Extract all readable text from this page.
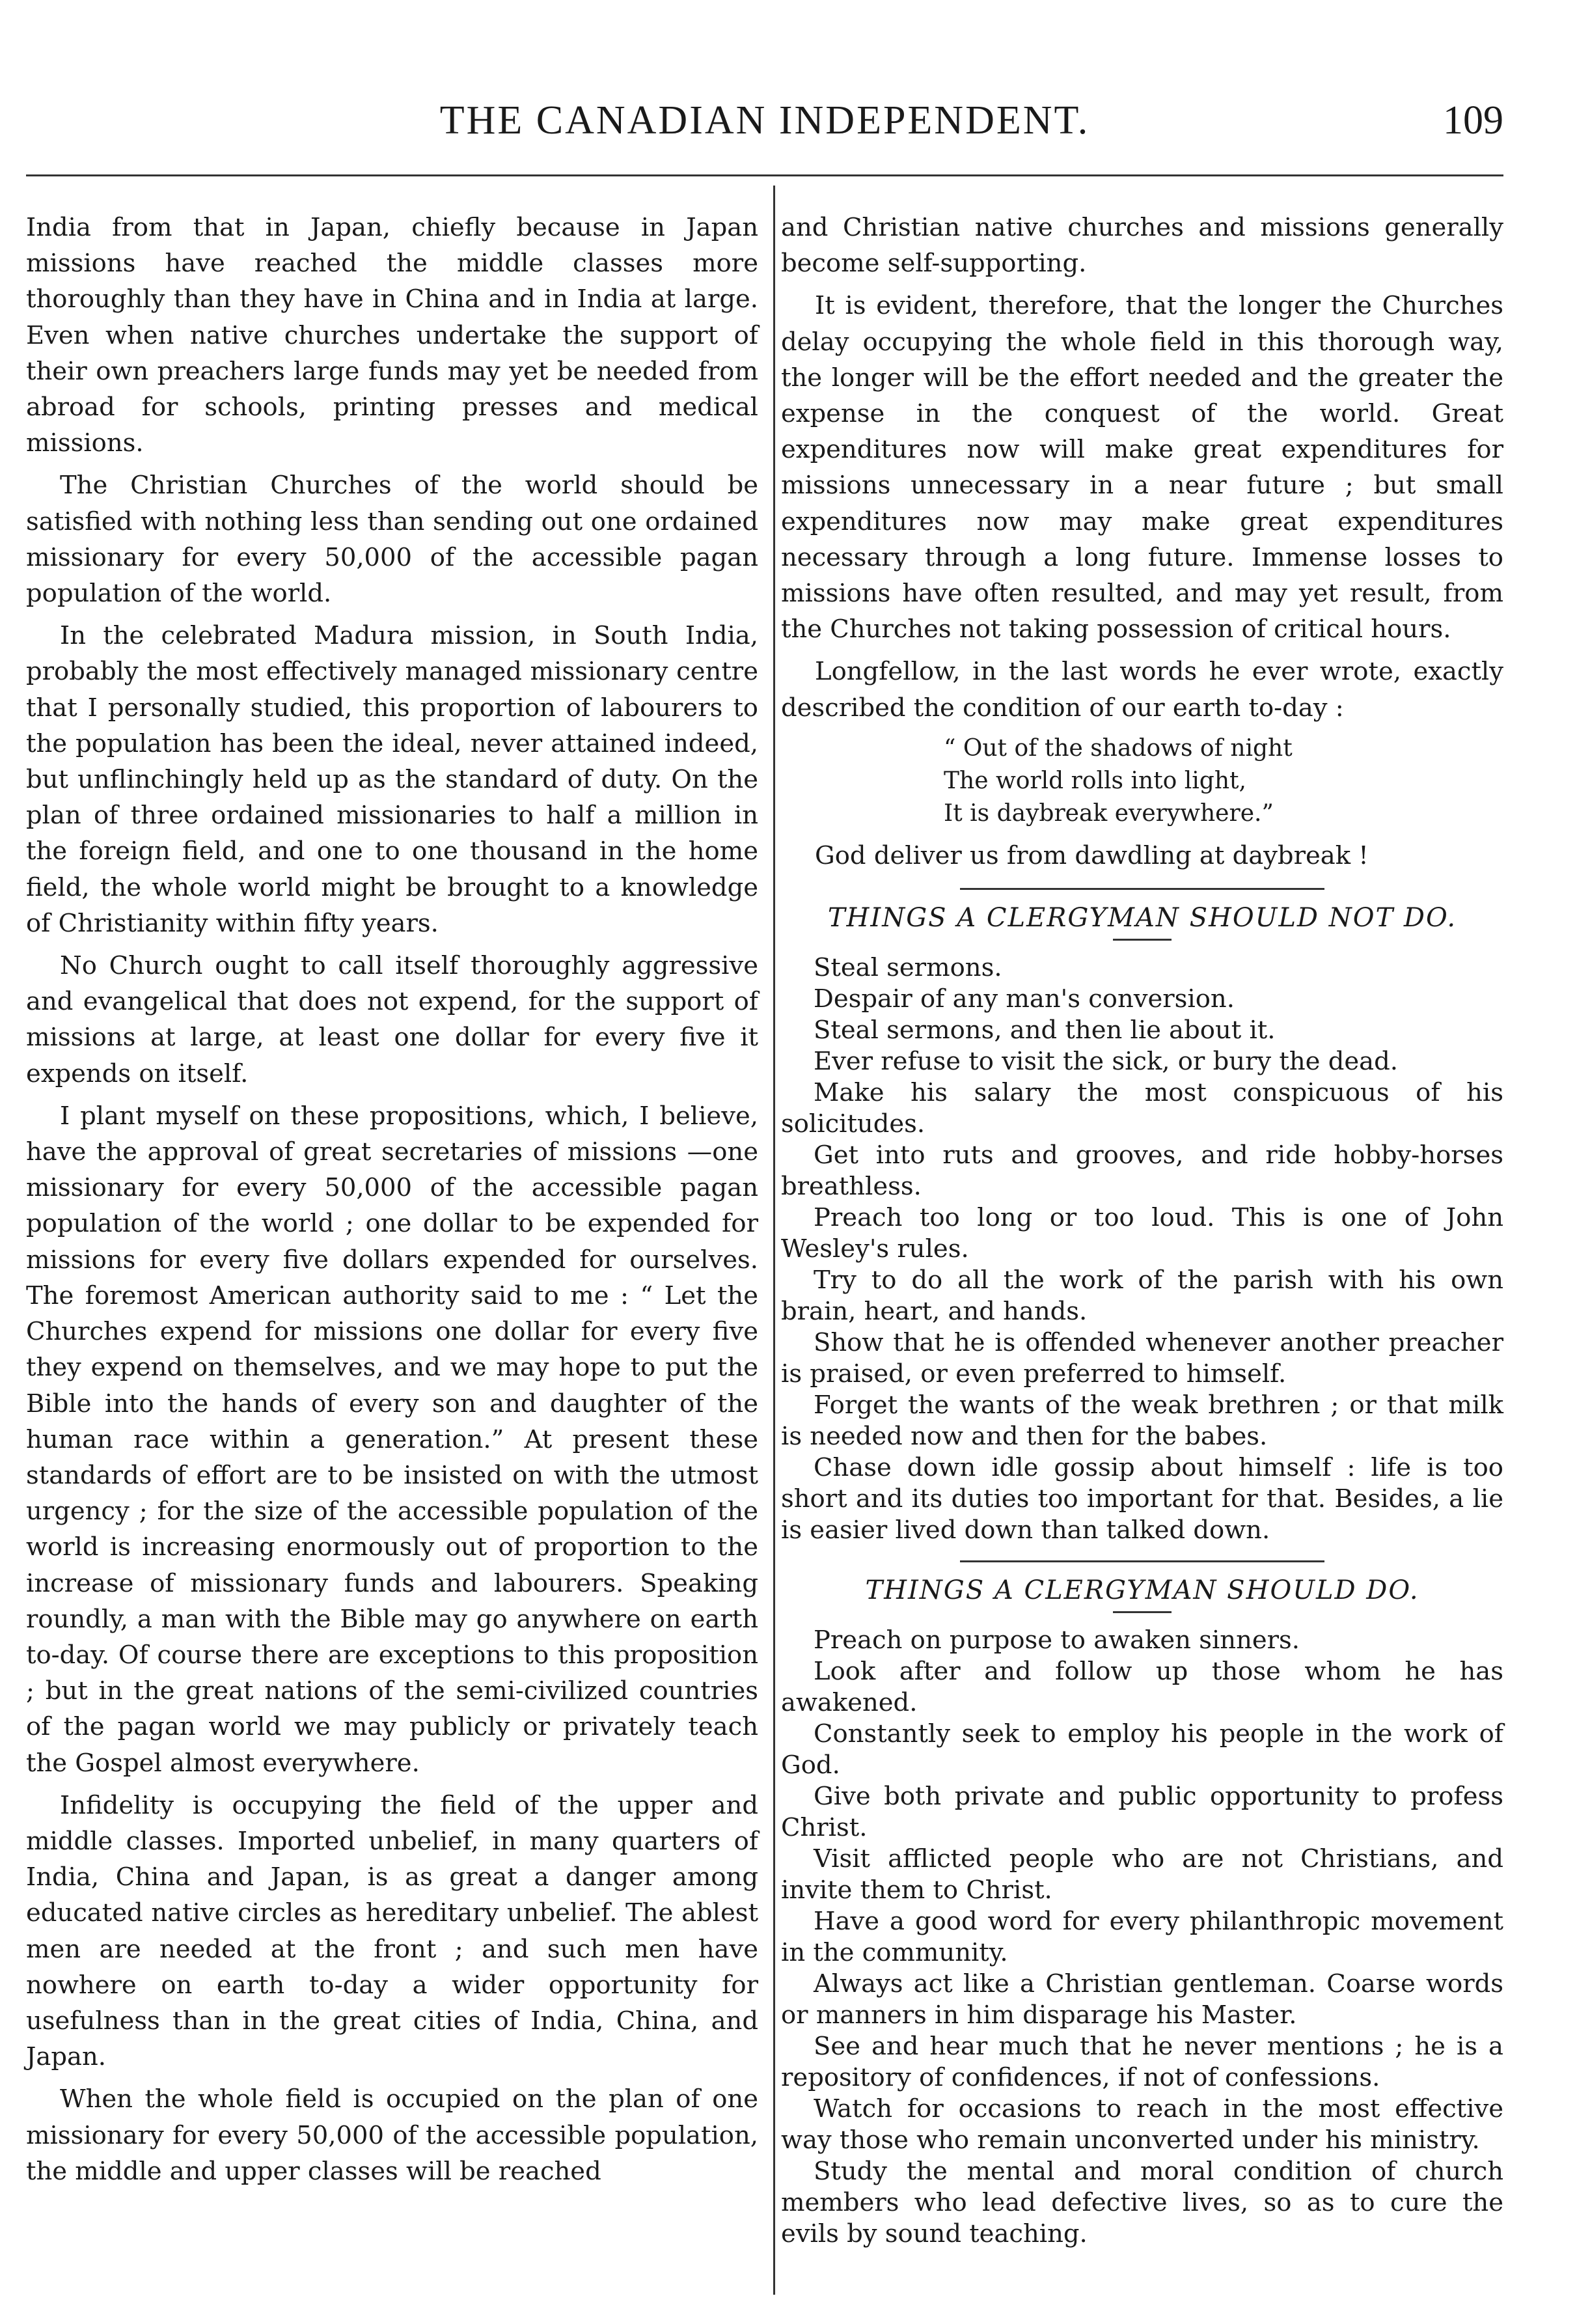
THE CANADIAN INDEPENDENT.	109

India from that in Japan, chiefly because in Japan missions have reached the middle classes more thoroughly than they have in China and in India at large. Even when native churches undertake the support of their own preachers large funds may yet be needed from abroad for schools, printing presses and medical missions.

The Christian Churches of the world should be satisfied with nothing less than sending out one ordained missionary for every 50,000 of the accessible pagan population of the world.

In the celebrated Madura mission, in South India, probably the most effectively managed missionary centre that I personally studied, this proportion of labourers to the population has been the ideal, never attained indeed, but unflinchingly held up as the standard of duty. On the plan of three ordained missionaries to half a million in the foreign field, and one to one thousand in the home field, the whole world might be brought to a knowledge of Christianity within fifty years.

No Church ought to call itself thoroughly aggressive and evangelical that does not expend, for the support of missions at large, at least one dollar for every five it expends on itself.

I plant myself on these propositions, which, I believe, have the approval of great secretaries of missions —one missionary for every 50,000 of the accessible pagan population of the world ; one dollar to be expended for missions for every five dollars expended for ourselves. The foremost American authority said to me : “ Let the Churches expend for missions one dollar for every five they expend on themselves, and we may hope to put the Bible into the hands of every son and daughter of the human race within a generation.” At present these standards of effort are to be insisted on with the utmost urgency ; for the size of the accessible population of the world is increasing enormously out of proportion to the increase of missionary funds and labourers. Speaking roundly, a man with the Bible may go anywhere on earth to-day. Of course there are exceptions to this proposition ; but in the great nations of the semi-civilized countries of the pagan world we may publicly or privately teach the Gospel almost everywhere.

Infidelity is occupying the field of the upper and middle classes. Imported unbelief, in many quarters of India, China and Japan, is as great a danger among educated native circles as hereditary unbelief. The ablest men are needed at the front ; and such men have nowhere on earth to-day a wider opportunity for usefulness than in the great cities of India, China, and Japan.

When the whole field is occupied on the plan of one missionary for every 50,000 of the accessible population, the middle and upper classes will be reached

and Christian native churches and missions generally become self-supporting.

It is evident, therefore, that the longer the Churches delay occupying the whole field in this thorough way, the longer will be the effort needed and the greater the expense in the conquest of the world. Great expenditures now will make great expenditures for missions unnecessary in a near future ; but small expenditures now may make great expenditures necessary through a long future. Immense losses to missions have often resulted, and may yet result, from the Churches not taking possession of critical hours.

Longfellow, in the last words he ever wrote, exactly described the condition of our earth to-day :

“ Out of the shadows of night
The world rolls into light,
It is daybreak everywhere.”

God deliver us from dawdling at daybreak !

THINGS A CLERGYMAN SHOULD NOT DO.

Steal sermons.

Despair of any man's conversion.

Steal sermons, and then lie about it.

Ever refuse to visit the sick, or bury the dead.

Make his salary the most conspicuous of his solicitudes.

Get into ruts and grooves, and ride hobby-horses breathless.

Preach too long or too loud. This is one of John Wesley's rules.

Try to do all the work of the parish with his own brain, heart, and hands.

Show that he is offended whenever another preacher is praised, or even preferred to himself.

Forget the wants of the weak brethren ; or that milk is needed now and then for the babes.

Chase down idle gossip about himself : life is too short and its duties too important for that. Besides, a lie is easier lived down than talked down.

THINGS A CLERGYMAN SHOULD DO.

Preach on purpose to awaken sinners.

Look after and follow up those whom he has awakened.

Constantly seek to employ his people in the work of God.

Give both private and public opportunity to profess Christ.

Visit afflicted people who are not Christians, and invite them to Christ.

Have a good word for every philanthropic movement in the community.

Always act like a Christian gentleman. Coarse words or manners in him disparage his Master.

See and hear much that he never mentions ; he is a repository of confidences, if not of confessions.

Watch for occasions to reach in the most effective way those who remain unconverted under his ministry.

Study the mental and moral condition of church members who lead defective lives, so as to cure the evils by sound teaching.
